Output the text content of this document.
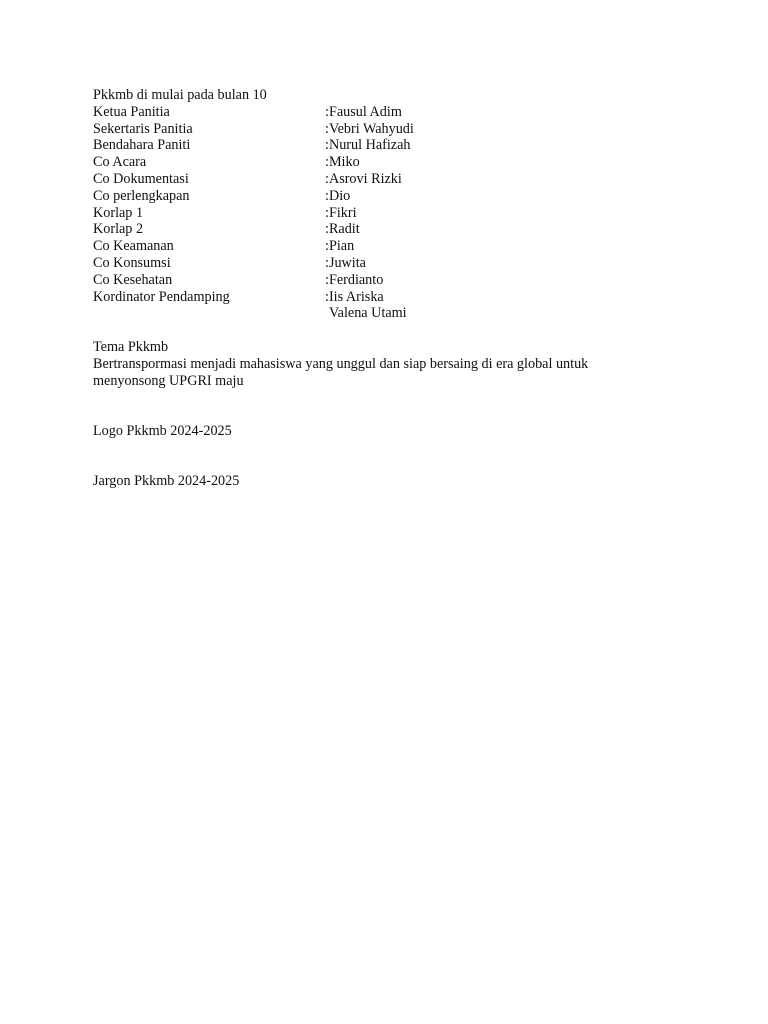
Pkkmb di mulai pada bulan 10
Ketua Panitia	:Fausul Adim
Sekertaris Panitia	:Vebri Wahyudi
Bendahara Paniti	:Nurul Hafizah
Co Acara	:Miko
Co Dokumentasi	:Asrovi Rizki
Co perlengkapan	:Dio
Korlap 1	:Fikri
Korlap 2	:Radit
Co Keamanan	:Pian
Co Konsumsi	:Juwita
Co Kesehatan	:Ferdianto
Kordinator Pendamping	:Iis Ariska
Valena Utami
Tema Pkkmb
Bertranspormasi menjadi mahasiswa yang unggul dan siap bersaing di era global untuk menyonsong UPGRI maju
Logo Pkkmb 2024-2025
Jargon Pkkmb 2024-2025
